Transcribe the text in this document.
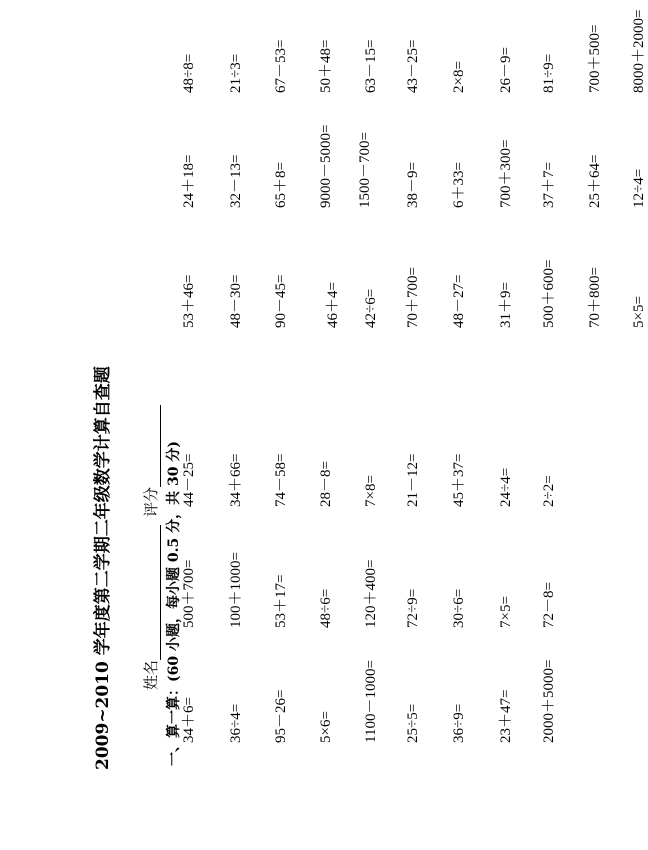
2009~2010 学年度第二学期二年级数学计算自查题 姓名评分 一、算一算：(60 小题，每小题 0.5 分，共 30 分) 34＋6=
500＋700=
44－25=
53＋46=
24＋18=
48÷8=
36÷4=
100＋1000=
34＋66=
48－30=
32－13=
21÷3=
95－26=
53＋17=
74－58=
90－45=
65＋8=
67－53=
5×6=
48÷6=
28－8=
46＋4=
9000－5000=
50＋48=
1100－1000=
120＋400=
7×8=
42÷6=
1500－700=
63－15=
25÷5=
72÷9=
21－12=
70＋700=
38－9=
43－25=
36÷9=
30÷6=
45＋37=
48－27=
6＋33=
2×8=
23＋47=
7×5=
24÷4=
31＋9=
700＋300=
26－9=
2000＋5000=
72－8=
2÷2=
500＋600=
37＋7=
81÷9=
70＋800=
25＋64=
700＋500=
5×5=
12÷4=
8000＋2000=
